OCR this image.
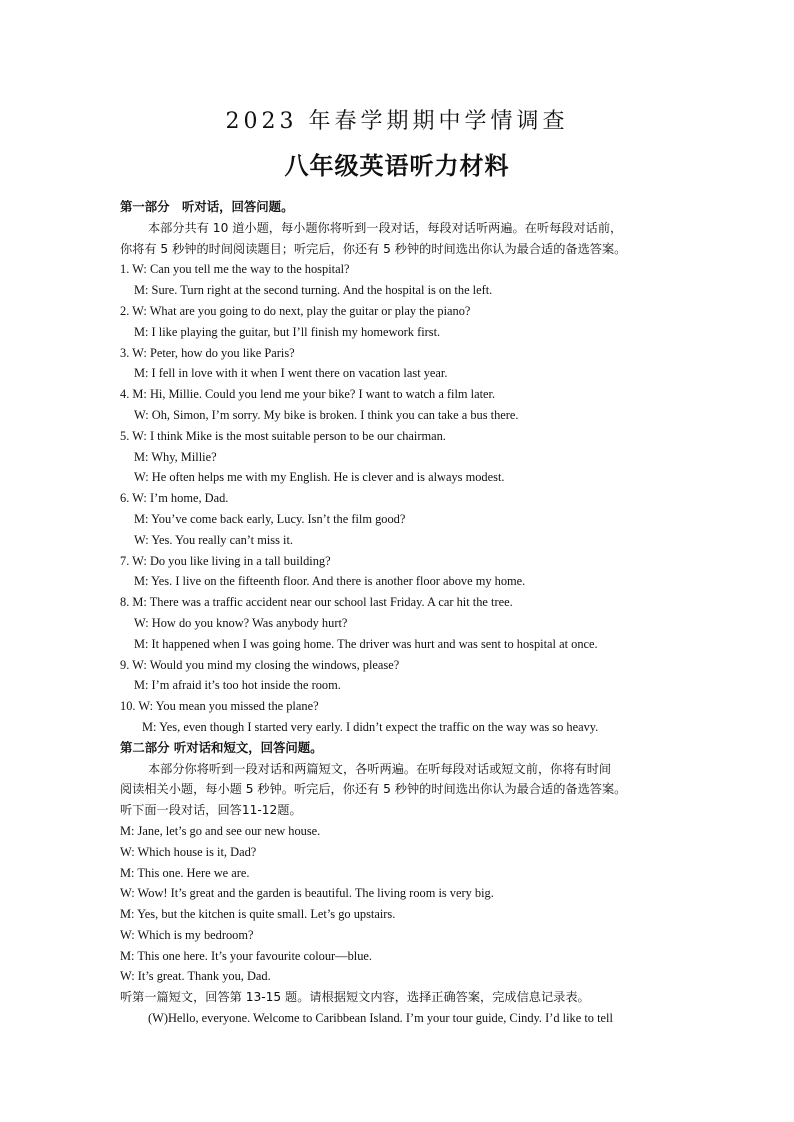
2023 年春学期期中学情调查
八年级英语听力材料
第一部分　听对话，回答问题。
本部分共有 10 道小题，每小题你将听到一段对话，每段对话听两遍。在听每段对话前，
你将有 5 秒钟的时间阅读题目；听完后，你还有 5 秒钟的时间选出你认为最合适的备选答案。
1. W: Can you tell me the way to the hospital?
M: Sure. Turn right at the second turning. And the hospital is on the left.
2. W: What are you going to do next, play the guitar or play the piano?
M: I like playing the guitar, but I’ll finish my homework first.
3. W: Peter, how do you like Paris?
M: I fell in love with it when I went there on vacation last year.
4. M: Hi, Millie. Could you lend me your bike? I want to watch a film later.
W: Oh, Simon, I’m sorry. My bike is broken. I think you can take a bus there.
5. W: I think Mike is the most suitable person to be our chairman.
M: Why, Millie?
W: He often helps me with my English. He is clever and is always modest.
6. W: I’m home, Dad.
M: You’ve come back early, Lucy. Isn’t the film good?
W: Yes. You really can’t miss it.
7. W: Do you like living in a tall building?
M: Yes. I live on the fifteenth floor. And there is another floor above my home.
8. M: There was a traffic accident near our school last Friday. A car hit the tree.
W: How do you know? Was anybody hurt?
M: It happened when I was going home. The driver was hurt and was sent to hospital at once.
9. W: Would you mind my closing the windows, please?
M: I’m afraid it’s too hot inside the room.
10. W: You mean you missed the plane?
M: Yes, even though I started very early. I didn’t expect the traffic on the way was so heavy.
第二部分 听对话和短文，回答问题。
本部分你将听到一段对话和两篇短文，各听两遍。在听每段对话或短文前，你将有时间
阅读相关小题，每小题 5 秒钟。听完后，你还有 5 秒钟的时间选出你认为最合适的备选答案。
听下面一段对话，回答11-12题。
M: Jane, let’s go and see our new house.
W: Which house is it, Dad?
M: This one. Here we are.
W: Wow! It’s great and the garden is beautiful. The living room is very big.
M: Yes, but the kitchen is quite small. Let’s go upstairs.
W: Which is my bedroom?
M: This one here. It’s your favourite colour—blue.
W: It’s great. Thank you, Dad.
听第一篇短文，回答第 13-15 题。请根据短文内容，选择正确答案，完成信息记录表。
(W)Hello, everyone. Welcome to Caribbean Island. I’m your tour guide, Cindy. I’d like to tell
